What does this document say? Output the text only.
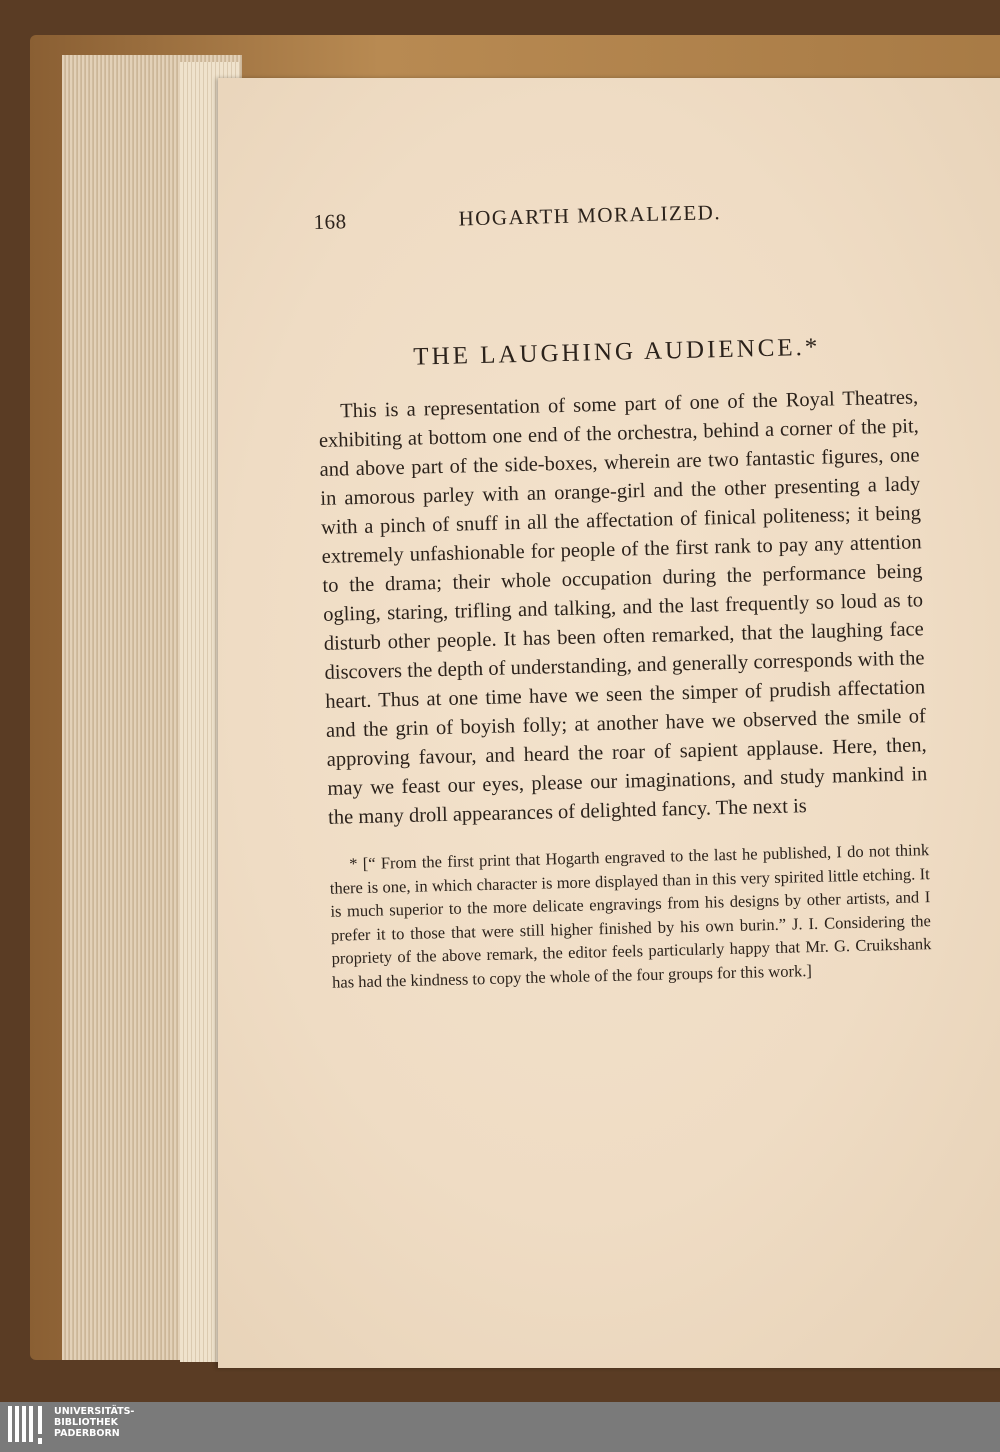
168	HOGARTH MORALIZED.
THE LAUGHING AUDIENCE.*

This is a representation of some part of one of the Royal Theatres, exhibiting at bottom one end of the orchestra, behind a corner of the pit, and above part of the side-boxes, wherein are two fantastic figures, one in amorous parley with an orange-girl and the other presenting a lady with a pinch of snuff in all the affectation of finical politeness; it being extremely unfashionable for people of the first rank to pay any attention to the drama; their whole occupation during the performance being ogling, staring, trifling and talking, and the last frequently so loud as to disturb other people. It has been often remarked, that the laughing face discovers the depth of understanding, and generally corresponds with the heart. Thus at one time have we seen the simper of prudish affectation and the grin of boyish folly; at another have we observed the smile of approving favour, and heard the roar of sapient applause. Here, then, may we feast our eyes, please our imaginations, and study mankind in the many droll appearances of delighted fancy. The next is

* [“ From the first print that Hogarth engraved to the last he published, I do not think there is one, in which character is more displayed than in this very spirited little etching. It is much superior to the more delicate engravings from his designs by other artists, and I prefer it to those that were still higher finished by his own burin.” J. I. Considering the propriety of the above remark, the editor feels particularly happy that Mr. G. Cruikshank has had the kindness to copy the whole of the four groups for this work.]

UNIVERSITÄTS-
BIBLIOTHEK
PADERBORN
